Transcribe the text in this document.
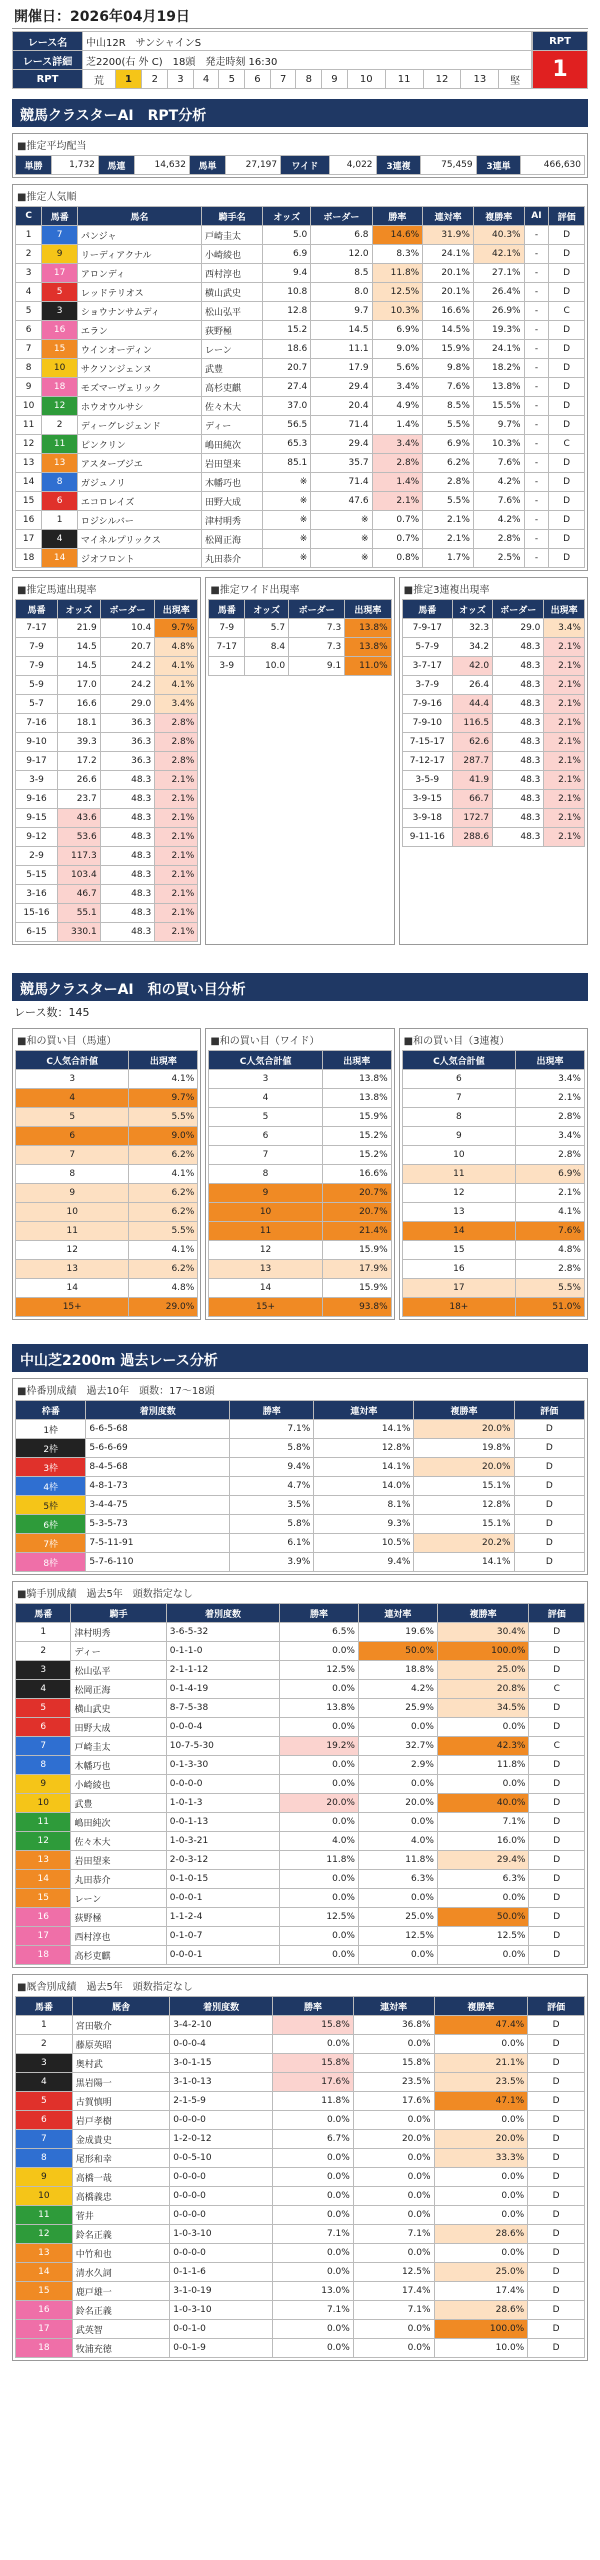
開催日：2026年04月19日
レース名	中山12R　サンシャインS														
レース詳細	芝2200(右 外 C)　18頭　発走時刻 16:30														
RPT	荒	1	2	3	4	5	6	7	8	9	10	11	12	13	堅
RPT
1
競馬クラスターAI　RPT分析
■推定平均配当
単勝	1,732	馬連	14,632	馬単	27,197	ワイド	4,022	3連複	75,459	3連単	466,630
■推定人気順
C	馬番	馬名	騎手名	オッズ	ボーダー	勝率	連対率	複勝率	AI	評価
1	7	パンジャ	戸崎圭太	5.0	6.8	14.6%	31.9%	40.3%	-	D
2	9	リーディアクナル	小崎綾也	6.9	12.0	8.3%	24.1%	42.1%	-	D
3	17	アロンディ	西村淳也	9.4	8.5	11.8%	20.1%	27.1%	-	D
4	5	レッドテリオス	横山武史	10.8	8.0	12.5%	20.1%	26.4%	-	D
5	3	ショウナンサムディ	松山弘平	12.8	9.7	10.3%	16.6%	26.9%	-	C
6	16	エラン	荻野極	15.2	14.5	6.9%	14.5%	19.3%	-	D
7	15	ウインオーディン	レーン	18.6	11.1	9.0%	15.9%	24.1%	-	D
8	10	サクソンジェンヌ	武豊	20.7	17.9	5.6%	9.8%	18.2%	-	D
9	18	モズマーヴェリック	高杉吏麒	27.4	29.4	3.4%	7.6%	13.8%	-	D
10	12	ホウオウルサシ	佐々木大	37.0	20.4	4.9%	8.5%	15.5%	-	D
11	2	ディーグレジェンド	ディー	56.5	71.4	1.4%	5.5%	9.7%	-	D
12	11	ピンクリン	嶋田純次	65.3	29.4	3.4%	6.9%	10.3%	-	C
13	13	アスターブジエ	岩田望来	85.1	35.7	2.8%	6.2%	7.6%	-	D
14	8	ガジュノリ	木幡巧也	※	71.4	1.4%	2.8%	4.2%	-	D
15	6	エコロレイズ	田野大成	※	47.6	2.1%	5.5%	7.6%	-	D
16	1	ロジシルバー	津村明秀	※	※	0.7%	2.1%	4.2%	-	D
17	4	マイネルプリックス	松岡正海	※	※	0.7%	2.1%	2.8%	-	D
18	14	ジオフロント	丸田恭介	※	※	0.8%	1.7%	2.5%	-	D
■推定馬連出現率
馬番	オッズ	ボーダー	出現率
7-17	21.9	10.4	9.7%
7-9	14.5	20.7	4.8%
7-9	14.5	24.2	4.1%
5-9	17.0	24.2	4.1%
5-7	16.6	29.0	3.4%
7-16	18.1	36.3	2.8%
9-10	39.3	36.3	2.8%
9-17	17.2	36.3	2.8%
3-9	26.6	48.3	2.1%
9-16	23.7	48.3	2.1%
9-15	43.6	48.3	2.1%
9-12	53.6	48.3	2.1%
2-9	117.3	48.3	2.1%
5-15	103.4	48.3	2.1%
3-16	46.7	48.3	2.1%
15-16	55.1	48.3	2.1%
6-15	330.1	48.3	2.1%
■推定ワイド出現率
馬番	オッズ	ボーダー	出現率
7-9	5.7	7.3	13.8%
7-17	8.4	7.3	13.8%
3-9	10.0	9.1	11.0%
■推定3連複出現率
馬番	オッズ	ボーダー	出現率
7-9-17	32.3	29.0	3.4%
5-7-9	34.2	48.3	2.1%
3-7-17	42.0	48.3	2.1%
3-7-9	26.4	48.3	2.1%
7-9-16	44.4	48.3	2.1%
7-9-10	116.5	48.3	2.1%
7-15-17	62.6	48.3	2.1%
7-12-17	287.7	48.3	2.1%
3-5-9	41.9	48.3	2.1%
3-9-15	66.7	48.3	2.1%
3-9-18	172.7	48.3	2.1%
9-11-16	288.6	48.3	2.1%
競馬クラスターAI　和の買い目分析
レース数：145
■和の買い目（馬連）
C人気合計値	出現率
3	4.1%
4	9.7%
5	5.5%
6	9.0%
7	6.2%
8	4.1%
9	6.2%
10	6.2%
11	5.5%
12	4.1%
13	6.2%
14	4.8%
15+	29.0%
■和の買い目（ワイド）
C人気合計値	出現率
3	13.8%
4	13.8%
5	15.9%
6	15.2%
7	15.2%
8	16.6%
9	20.7%
10	20.7%
11	21.4%
12	15.9%
13	17.9%
14	15.9%
15+	93.8%
■和の買い目（3連複）
C人気合計値	出現率
6	3.4%
7	2.1%
8	2.8%
9	3.4%
10	2.8%
11	6.9%
12	2.1%
13	4.1%
14	7.6%
15	4.8%
16	2.8%
17	5.5%
18+	51.0%
中山芝2200m 過去レース分析
■枠番別成績　過去10年　頭数：17～18頭
枠番	着別度数	勝率	連対率	複勝率	評価
1枠	6-6-5-68	7.1%	14.1%	20.0%	D
2枠	5-6-6-69	5.8%	12.8%	19.8%	D
3枠	8-4-5-68	9.4%	14.1%	20.0%	D
4枠	4-8-1-73	4.7%	14.0%	15.1%	D
5枠	3-4-4-75	3.5%	8.1%	12.8%	D
6枠	5-3-5-73	5.8%	9.3%	15.1%	D
7枠	7-5-11-91	6.1%	10.5%	20.2%	D
8枠	5-7-6-110	3.9%	9.4%	14.1%	D
■騎手別成績　過去5年　頭数指定なし
馬番	騎手	着別度数	勝率	連対率	複勝率	評価
1	津村明秀	3-6-5-32	6.5%	19.6%	30.4%	D
2	ディー	0-1-1-0	0.0%	50.0%	100.0%	D
3	松山弘平	2-1-1-12	12.5%	18.8%	25.0%	D
4	松岡正海	0-1-4-19	0.0%	4.2%	20.8%	C
5	横山武史	8-7-5-38	13.8%	25.9%	34.5%	D
6	田野大成	0-0-0-4	0.0%	0.0%	0.0%	D
7	戸崎圭太	10-7-5-30	19.2%	32.7%	42.3%	C
8	木幡巧也	0-1-3-30	0.0%	2.9%	11.8%	D
9	小崎綾也	0-0-0-0	0.0%	0.0%	0.0%	D
10	武豊	1-0-1-3	20.0%	20.0%	40.0%	D
11	嶋田純次	0-0-1-13	0.0%	0.0%	7.1%	D
12	佐々木大	1-0-3-21	4.0%	4.0%	16.0%	D
13	岩田望来	2-0-3-12	11.8%	11.8%	29.4%	D
14	丸田恭介	0-1-0-15	0.0%	6.3%	6.3%	D
15	レーン	0-0-0-1	0.0%	0.0%	0.0%	D
16	荻野極	1-1-2-4	12.5%	25.0%	50.0%	D
17	西村淳也	0-1-0-7	0.0%	12.5%	12.5%	D
18	高杉吏麒	0-0-0-1	0.0%	0.0%	0.0%	D
■厩舎別成績　過去5年　頭数指定なし
馬番	厩舎	着別度数	勝率	連対率	複勝率	評価
1	宮田敬介	3-4-2-10	15.8%	36.8%	47.4%	D
2	藤原英昭	0-0-0-4	0.0%	0.0%	0.0%	D
3	奥村武	3-0-1-15	15.8%	15.8%	21.1%	D
4	黒岩陽一	3-1-0-13	17.6%	23.5%	23.5%	D
5	古賀慎明	2-1-5-9	11.8%	17.6%	47.1%	D
6	岩戸孝樹	0-0-0-0	0.0%	0.0%	0.0%	D
7	金成貴史	1-2-0-12	6.7%	20.0%	20.0%	D
8	尾形和幸	0-0-5-10	0.0%	0.0%	33.3%	D
9	高橋一哉	0-0-0-0	0.0%	0.0%	0.0%	D
10	高橋義忠	0-0-0-0	0.0%	0.0%	0.0%	D
11	菅井	0-0-0-0	0.0%	0.0%	0.0%	D
12	鈴名正義	1-0-3-10	7.1%	7.1%	28.6%	D
13	中竹和也	0-0-0-0	0.0%	0.0%	0.0%	D
14	清水久詞	0-1-1-6	0.0%	12.5%	25.0%	D
15	鹿戸雄一	3-1-0-19	13.0%	17.4%	17.4%	D
16	鈴名正義	1-0-3-10	7.1%	7.1%	28.6%	D
17	武英智	0-0-1-0	0.0%	0.0%	100.0%	D
18	牧浦充徳	0-0-1-9	0.0%	0.0%	10.0%	D
